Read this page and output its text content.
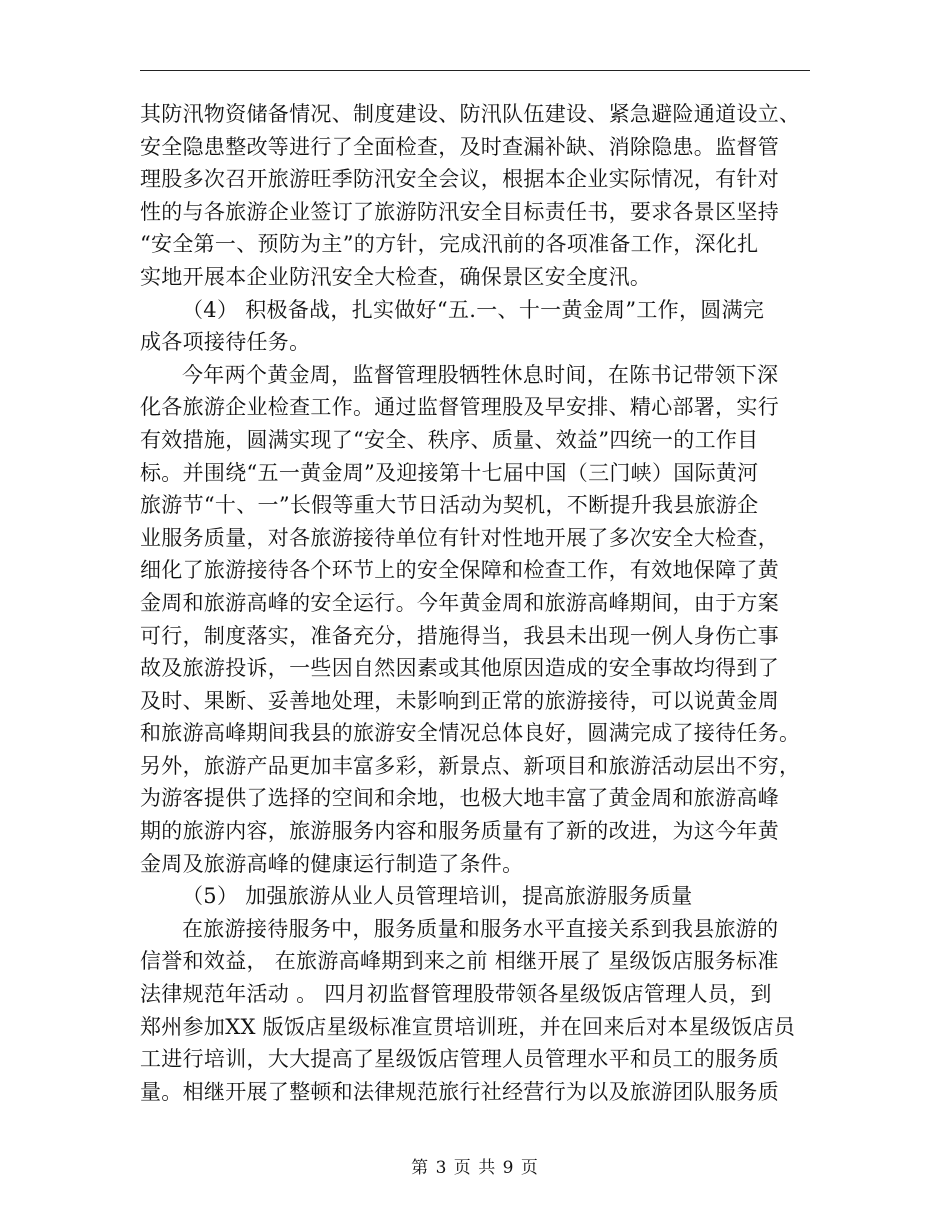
其防汛物资储备情况、制度建设、防汛队伍建设、紧急避险通道设立、
安全隐患整改等进行了全面检查，及时查漏补缺、消除隐患。监督管
理股多次召开旅游旺季防汛安全会议，根据本企业实际情况，有针对
性的与各旅游企业签订了旅游防汛安全目标责任书，要求各景区坚持
“安全第一、预防为主”的方针，完成汛前的各项准备工作，深化扎
实地开展本企业防汛安全大检查，确保景区安全度汛。
（4） 积极备战，扎实做好“五.一、十一黄金周”工作，圆满完
成各项接待任务。
今年两个黄金周，监督管理股牺牲休息时间，在陈书记带领下深
化各旅游企业检查工作。通过监督管理股及早安排、精心部署，实行
有效措施，圆满实现了“安全、秩序、质量、效益”四统一的工作目
标。并围绕“五一黄金周”及迎接第十七届中国（三门峡）国际黄河
旅游节“十、一”长假等重大节日活动为契机，不断提升我县旅游企
业服务质量，对各旅游接待单位有针对性地开展了多次安全大检查，
细化了旅游接待各个环节上的安全保障和检查工作，有效地保障了黄
金周和旅游高峰的安全运行。今年黄金周和旅游高峰期间，由于方案
可行，制度落实，准备充分，措施得当，我县未出现一例人身伤亡事
故及旅游投诉，一些因自然因素或其他原因造成的安全事故均得到了
及时、果断、妥善地处理，未影响到正常的旅游接待，可以说黄金周
和旅游高峰期间我县的旅游安全情况总体良好，圆满完成了接待任务。
另外，旅游产品更加丰富多彩，新景点、新项目和旅游活动层出不穷，
为游客提供了选择的空间和余地，也极大地丰富了黄金周和旅游高峰
期的旅游内容，旅游服务内容和服务质量有了新的改进，为这今年黄
金周及旅游高峰的健康运行制造了条件。
（5） 加强旅游从业人员管理培训，提高旅游服务质量
在旅游接待服务中，服务质量和服务水平直接关系到我县旅游的
信誉和效益， 在旅游高峰期到来之前 相继开展了 星级饭店服务标准
法律规范年活动 。 四月初监督管理股带领各星级饭店管理人员，到
郑州参加XX 版饭店星级标准宣贯培训班，并在回来后对本星级饭店员
工进行培训，大大提高了星级饭店管理人员管理水平和员工的服务质
量。相继开展了整顿和法律规范旅行社经营行为以及旅游团队服务质
第 3 页 共 9 页
